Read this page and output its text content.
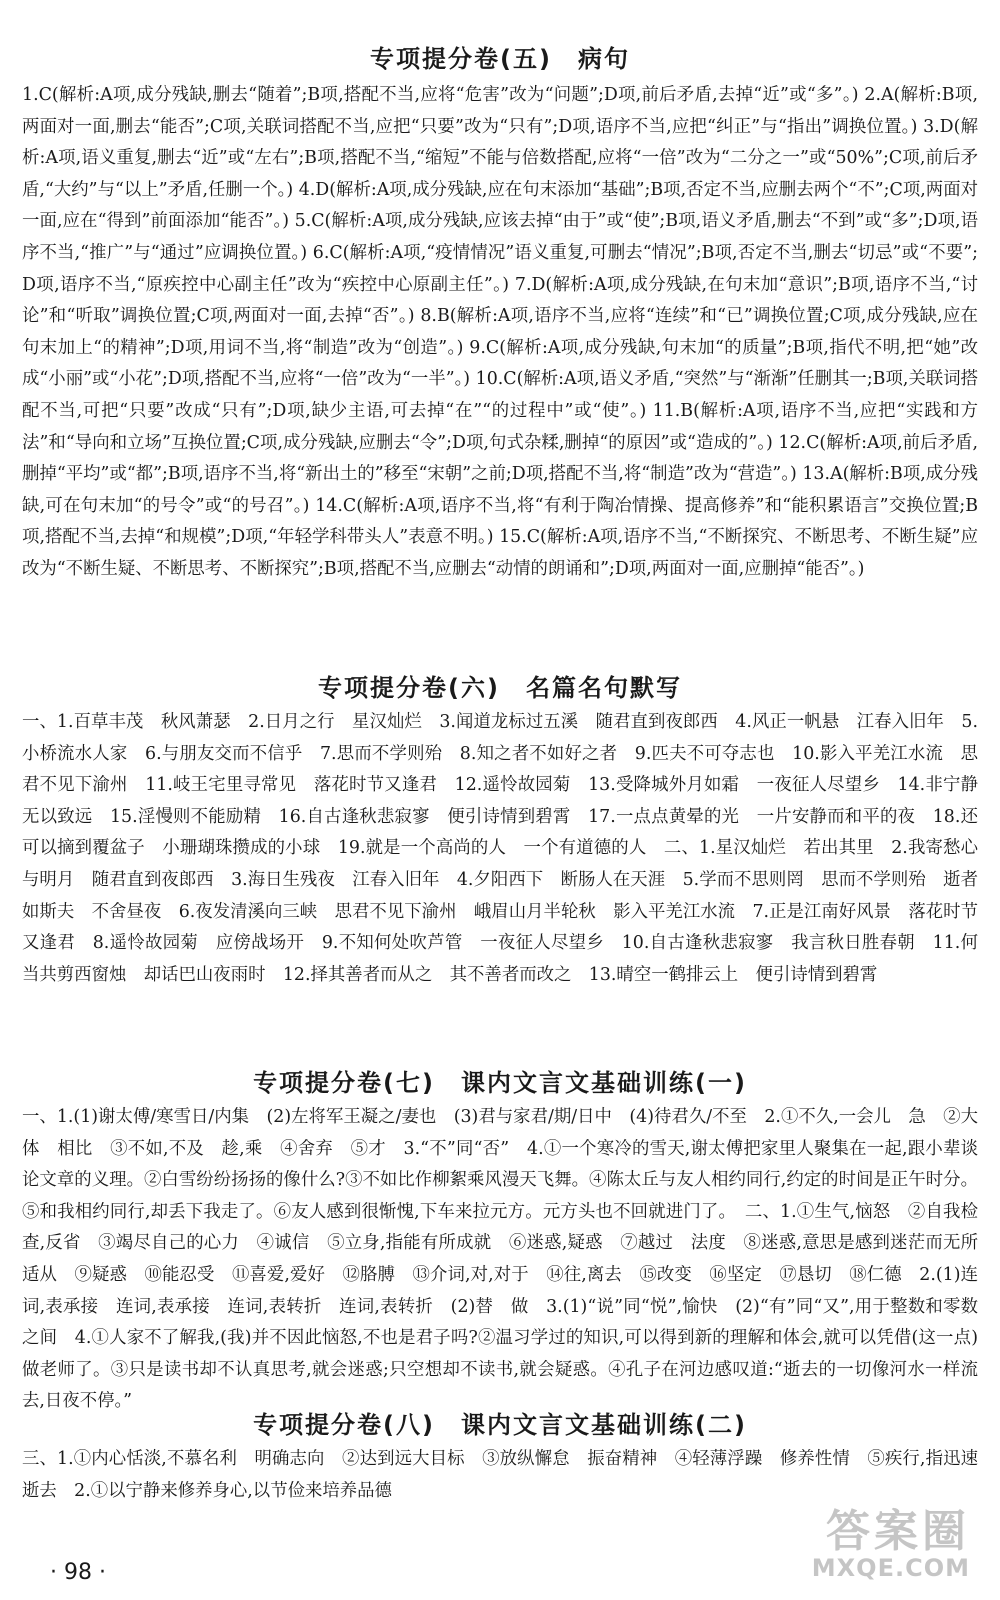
专项提分卷(五)　病句

1.C(解析:A项,成分残缺,删去“随着”;B项,搭配不当,应将“危害”改为“问题”;D项,前后矛盾,去掉“近”或“多”。) 2.A(解析:B项,两面对一面,删去“能否”;C项,关联词搭配不当,应把“只要”改为“只有”;D项,语序不当,应把“纠正”与“指出”调换位置。) 3.D(解析:A项,语义重复,删去“近”或“左右”;B项,搭配不当,“缩短”不能与倍数搭配,应将“一倍”改为“二分之一”或“50%”;C项,前后矛盾,“大约”与“以上”矛盾,任删一个。) 4.D(解析:A项,成分残缺,应在句末添加“基础”;B项,否定不当,应删去两个“不”;C项,两面对一面,应在“得到”前面添加“能否”。) 5.C(解析:A项,成分残缺,应该去掉“由于”或“使”;B项,语义矛盾,删去“不到”或“多”;D项,语序不当,“推广”与“通过”应调换位置。) 6.C(解析:A项,“疫情情况”语义重复,可删去“情况”;B项,否定不当,删去“切忌”或“不要”;D项,语序不当,“原疾控中心副主任”改为“疾控中心原副主任”。) 7.D(解析:A项,成分残缺,在句末加“意识”;B项,语序不当,“讨论”和“听取”调换位置;C项,两面对一面,去掉“否”。) 8.B(解析:A项,语序不当,应将“连续”和“已”调换位置;C项,成分残缺,应在句末加上“的精神”;D项,用词不当,将“制造”改为“创造”。) 9.C(解析:A项,成分残缺,句末加“的质量”;B项,指代不明,把“她”改成“小丽”或“小花”;D项,搭配不当,应将“一倍”改为“一半”。) 10.C(解析:A项,语义矛盾,“突然”与“渐渐”任删其一;B项,关联词搭配不当,可把“只要”改成“只有”;D项,缺少主语,可去掉“在”“的过程中”或“使”。) 11.B(解析:A项,语序不当,应把“实践和方法”和“导向和立场”互换位置;C项,成分残缺,应删去“令”;D项,句式杂糅,删掉“的原因”或“造成的”。) 12.C(解析:A项,前后矛盾,删掉“平均”或“都”;B项,语序不当,将“新出土的”移至“宋朝”之前;D项,搭配不当,将“制造”改为“营造”。) 13.A(解析:B项,成分残缺,可在句末加“的号令”或“的号召”。) 14.C(解析:A项,语序不当,将“有利于陶冶情操、提高修养”和“能积累语言”交换位置;B项,搭配不当,去掉“和规模”;D项,“年轻学科带头人”表意不明。) 15.C(解析:A项,语序不当,“不断探究、不断思考、不断生疑”应改为“不断生疑、不断思考、不断探究”;B项,搭配不当,应删去“动情的朗诵和”;D项,两面对一面,应删掉“能否”。)

专项提分卷(六)　名篇名句默写

一、1.百草丰茂　秋风萧瑟　2.日月之行　星汉灿烂　3.闻道龙标过五溪　随君直到夜郎西　4.风正一帆悬　江春入旧年　5.小桥流水人家　6.与朋友交而不信乎　7.思而不学则殆　8.知之者不如好之者　9.匹夫不可夺志也　10.影入平羌江水流　思君不见下渝州　11.岐王宅里寻常见　落花时节又逢君　12.遥怜故园菊　13.受降城外月如霜　一夜征人尽望乡　14.非宁静无以致远　15.淫慢则不能励精　16.自古逢秋悲寂寥　便引诗情到碧霄　17.一点点黄晕的光　一片安静而和平的夜　18.还可以摘到覆盆子　小珊瑚珠攒成的小球　19.就是一个高尚的人　一个有道德的人　二、1.星汉灿烂　若出其里　2.我寄愁心与明月　随君直到夜郎西　3.海日生残夜　江春入旧年　4.夕阳西下　断肠人在天涯　5.学而不思则罔　思而不学则殆　逝者如斯夫　不舍昼夜　6.夜发清溪向三峡　思君不见下渝州　峨眉山月半轮秋　影入平羌江水流　7.正是江南好风景　落花时节又逢君　8.遥怜故园菊　应傍战场开　9.不知何处吹芦管　一夜征人尽望乡　10.自古逢秋悲寂寥　我言秋日胜春朝　11.何当共剪西窗烛　却话巴山夜雨时　12.择其善者而从之　其不善者而改之　13.晴空一鹤排云上　便引诗情到碧霄

专项提分卷(七)　课内文言文基础训练(一)

一、1.(1)谢太傅/寒雪日/内集　(2)左将军王凝之/妻也　(3)君与家君/期/日中　(4)待君久/不至　2.①不久,一会儿　急　②大体　相比　③不如,不及　趁,乘　④舍弃　⑤才　3.“不”同“否”　4.①一个寒冷的雪天,谢太傅把家里人聚集在一起,跟小辈谈论文章的义理。②白雪纷纷扬扬的像什么?③不如比作柳絮乘风漫天飞舞。④陈太丘与友人相约同行,约定的时间是正午时分。⑤和我相约同行,却丢下我走了。⑥友人感到很惭愧,下车来拉元方。元方头也不回就进门了。　二、1.①生气,恼怒　②自我检查,反省　③竭尽自己的心力　④诚信　⑤立身,指能有所成就　⑥迷惑,疑惑　⑦越过　法度　⑧迷惑,意思是感到迷茫而无所适从　⑨疑惑　⑩能忍受　⑪喜爱,爱好　⑫胳膊　⑬介词,对,对于　⑭往,离去　⑮改变　⑯坚定　⑰恳切　⑱仁德　2.(1)连词,表承接　连词,表承接　连词,表转折　连词,表转折　(2)替　做　3.(1)“说”同“悦”,愉快　(2)“有”同“又”,用于整数和零数之间　4.①人家不了解我,(我)并不因此恼怒,不也是君子吗?②温习学过的知识,可以得到新的理解和体会,就可以凭借(这一点)做老师了。③只是读书却不认真思考,就会迷惑;只空想却不读书,就会疑惑。④孔子在河边感叹道:“逝去的一切像河水一样流去,日夜不停。”

专项提分卷(八)　课内文言文基础训练(二)

三、1.①内心恬淡,不慕名利　明确志向　②达到远大目标　③放纵懈怠　振奋精神　④轻薄浮躁　修养性情　⑤疾行,指迅速逝去　2.①以宁静来修养身心,以节俭来培养品德

· 98 ·
答案圈
MXQE.COM
